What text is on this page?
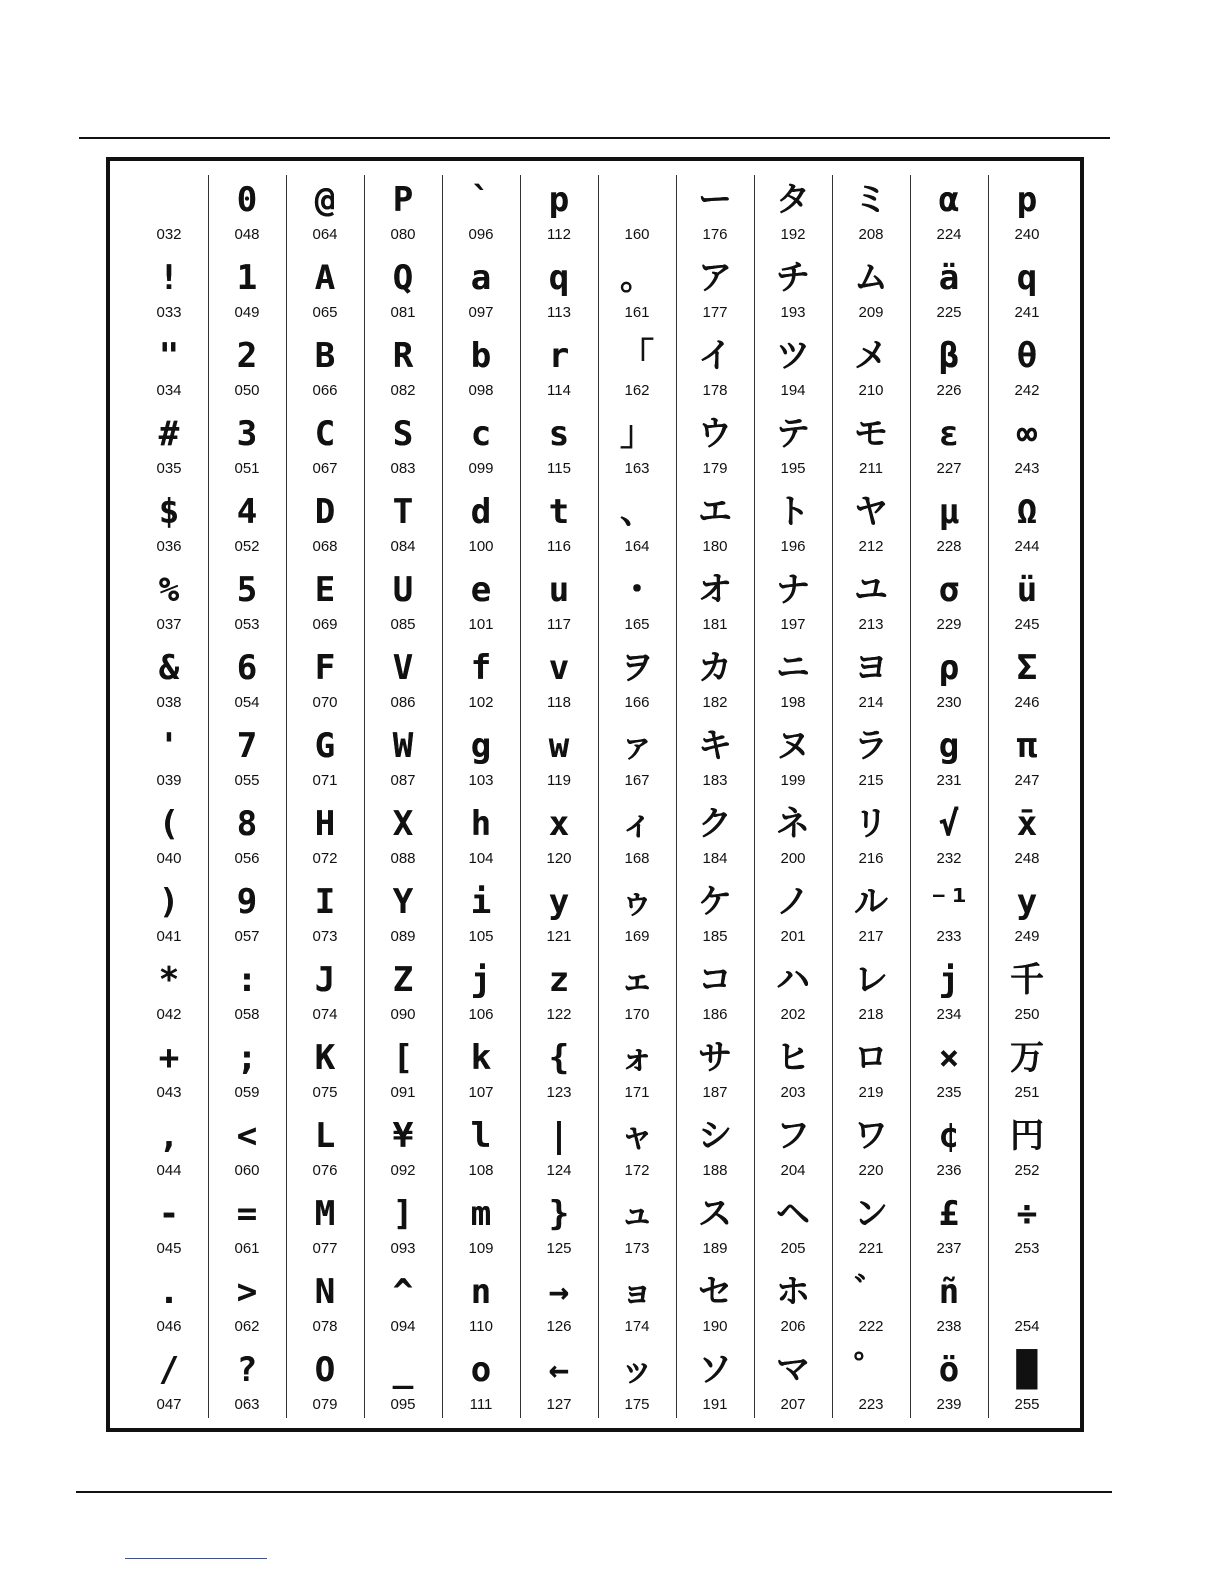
032
!
033
"
034
#
035
$
036
%
037
&
038
'
039
(
040
)
041
*
042
+
043
,
044
-
045
.
046
/
047
0
048
1
049
2
050
3
051
4
052
5
053
6
054
7
055
8
056
9
057
:
058
;
059
<
060
=
061
>
062
?
063
@
064
A
065
B
066
C
067
D
068
E
069
F
070
G
071
H
072
I
073
J
074
K
075
L
076
M
077
N
078
O
079
P
080
Q
081
R
082
S
083
T
084
U
085
V
086
W
087
X
088
Y
089
Z
090
[
091
¥
092
]
093
^
094
_
095
`
096
a
097
b
098
c
099
d
100
e
101
f
102
g
103
h
104
i
105
j
106
k
107
l
108
m
109
n
110
o
111
p
112
q
113
r
114
s
115
t
116
u
117
v
118
w
119
x
120
y
121
z
122
{
123
|
124
}
125
→
126
←
127

160
。
161
「
162
」
163
、
164
・
165
ヲ
166
ァ
167
ィ
168
ゥ
169
ェ
170
ォ
171
ャ
172
ュ
173
ョ
174
ッ
175
ー
176
ア
177
イ
178
ウ
179
エ
180
オ
181
カ
182
キ
183
ク
184
ケ
185
コ
186
サ
187
シ
188
ス
189
セ
190
ソ
191
タ
192
チ
193
ツ
194
テ
195
ト
196
ナ
197
ニ
198
ヌ
199
ネ
200
ノ
201
ハ
202
ヒ
203
フ
204
ヘ
205
ホ
206
マ
207
ミ
208
ム
209
メ
210
モ
211
ヤ
212
ユ
213
ヨ
214
ラ
215
リ
216
ル
217
レ
218
ロ
219
ワ
220
ン
221
゛
222
゜
223
α
224
ä
225
β
226
ε
227
μ
228
σ
229
ρ
230
g
231
√
232
⁻¹
233
j
234
×
235
¢
236
£
237
ñ
238
ö
239
p
240
q
241
θ
242
∞
243
Ω
244
ü
245
Σ
246
π
247
x̄
248
y
249
千
250
万
251
円
252
÷
253

254
█
255
